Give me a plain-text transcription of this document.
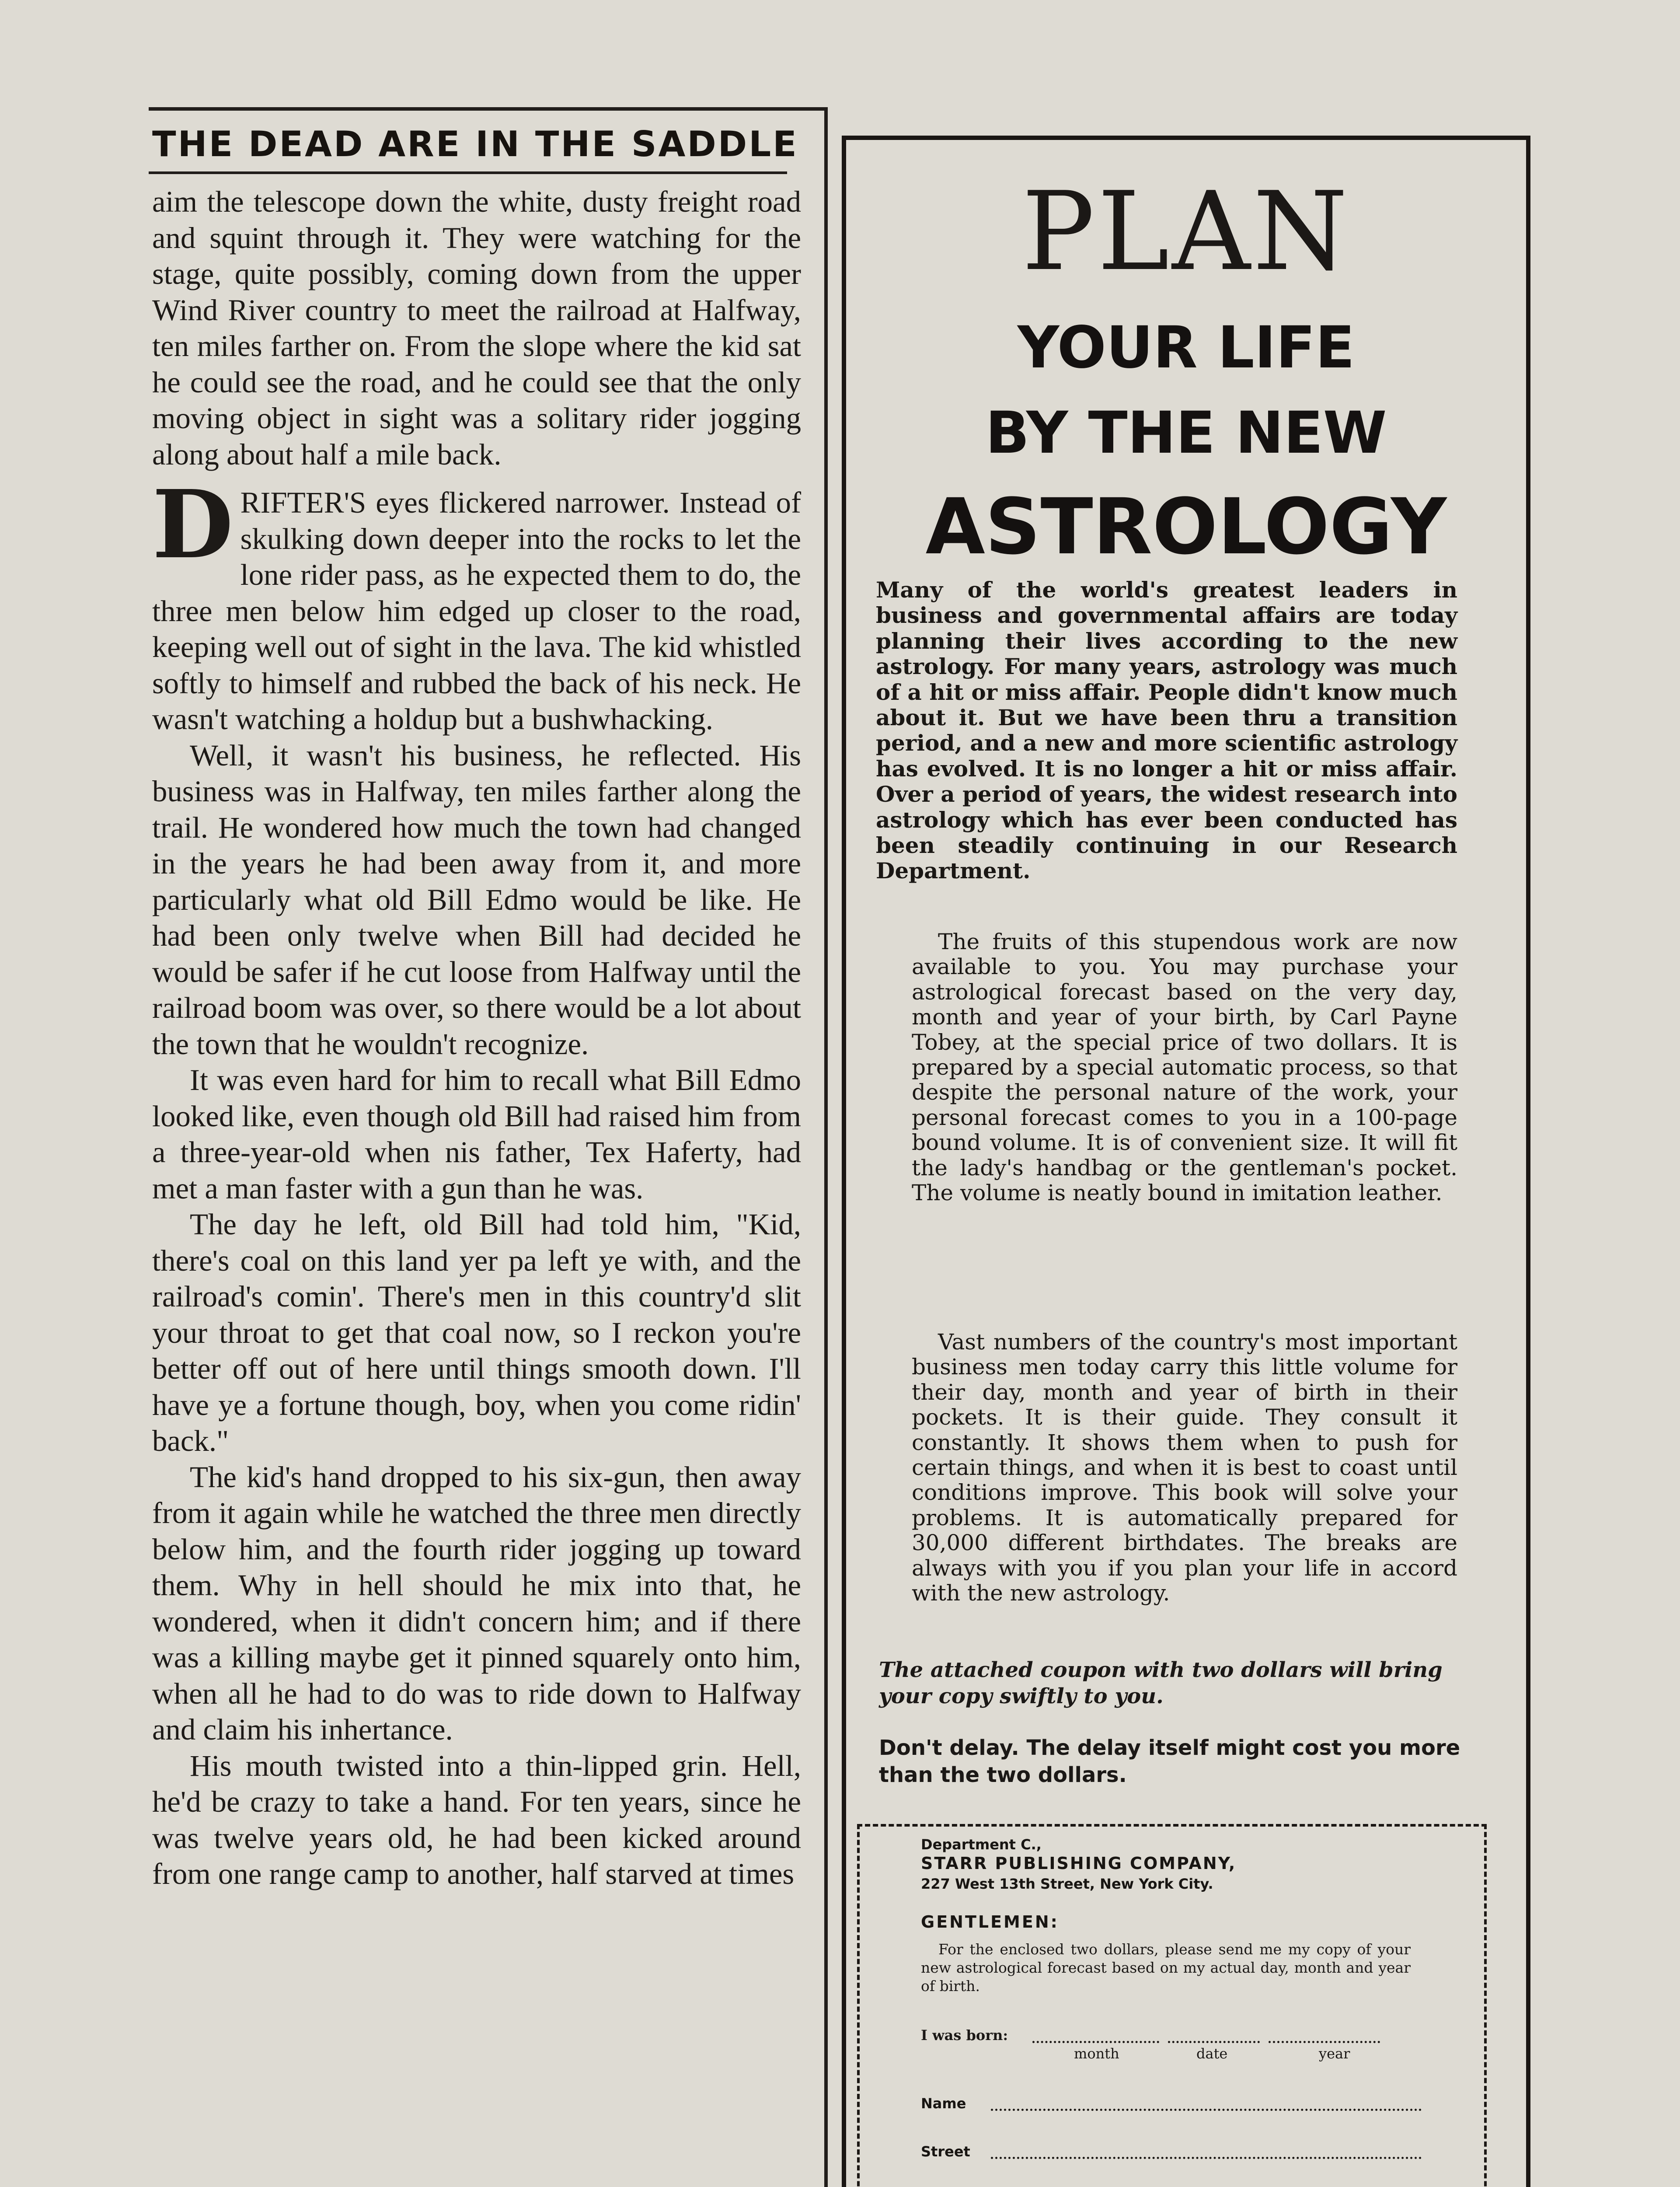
THE DEAD ARE IN THE SADDLE

aim the telescope down the white, dusty freight road and squint through it. They were watching for the stage, quite possibly, coming down from the upper Wind River country to meet the railroad at Halfway, ten miles farther on. From the slope where the kid sat he could see the road, and he could see that the only moving object in sight was a solitary rider jogging along about half a mile back.

DRIFTER'S eyes flickered narrower. Instead of skulking down deeper into the rocks to let the lone rider pass, as he expected them to do, the three men below him edged up closer to the road, keeping well out of sight in the lava. The kid whistled softly to himself and rubbed the back of his neck. He wasn't watching a holdup but a bushwhacking.

Well, it wasn't his business, he reflected. His business was in Halfway, ten miles farther along the trail. He wondered how much the town had changed in the years he had been away from it, and more particularly what old Bill Edmo would be like. He had been only twelve when Bill had decided he would be safer if he cut loose from Halfway until the railroad boom was over, so there would be a lot about the town that he wouldn't recognize.

It was even hard for him to recall what Bill Edmo looked like, even though old Bill had raised him from a three-year-old when nis father, Tex Haferty, had met a man faster with a gun than he was.

The day he left, old Bill had told him, "Kid, there's coal on this land yer pa left ye with, and the railroad's comin'. There's men in this country'd slit your throat to get that coal now, so I reckon you're better off out of here until things smooth down. I'll have ye a fortune though, boy, when you come ridin' back."

The kid's hand dropped to his six-gun, then away from it again while he watched the three men directly below him, and the fourth rider jogging up toward them. Why in hell should he mix into that, he wondered, when it didn't concern him; and if there was a killing maybe get it pinned squarely onto him, when all he had to do was to ride down to Halfway and claim his inhertance.

His mouth twisted into a thin-lipped grin. Hell, he'd be crazy to take a hand. For ten years, since he was twelve years old, he had been kicked around from one range camp to another, half starved at times

PLAN
YOUR LIFE
BY THE NEW
ASTROLOGY
Many of the world's greatest leaders in business and governmental affairs are today planning their lives according to the new astrology. For many years, astrology was much of a hit or miss affair. People didn't know much about it. But we have been thru a transition period, and a new and more scientific astrology has evolved. It is no longer a hit or miss affair. Over a period of years, the widest research into astrology which has ever been conducted has been steadily continuing in our Research Department.
The fruits of this stupendous work are now available to you. You may purchase your astrological forecast based on the very day, month and year of your birth, by Carl Payne Tobey, at the special price of two dollars. It is prepared by a special automatic process, so that despite the personal nature of the work, your personal forecast comes to you in a 100-page bound volume. It is of convenient size. It will fit the lady's handbag or the gentleman's pocket. The volume is neatly bound in imitation leather.
Vast numbers of the country's most important business men today carry this little volume for their day, month and year of birth in their pockets. It is their guide. They consult it constantly. It shows them when to push for certain things, and when it is best to coast until conditions improve. This book will solve your problems. It is automatically prepared for 30,000 different birthdates. The breaks are always with you if you plan your life in accord with the new astrology.
The attached coupon with two dollars will bring your copy swiftly to you.
Don't delay. The delay itself might cost you more than the two dollars.
Department C.,
STARR PUBLISHING COMPANY,
227 West 13th Street, New York City.
GENTLEMEN:
For the enclosed two dollars, please send me my copy of your new astrological forecast based on my actual day, month and year of birth.
I was born:
month	date	year
Name
Street
